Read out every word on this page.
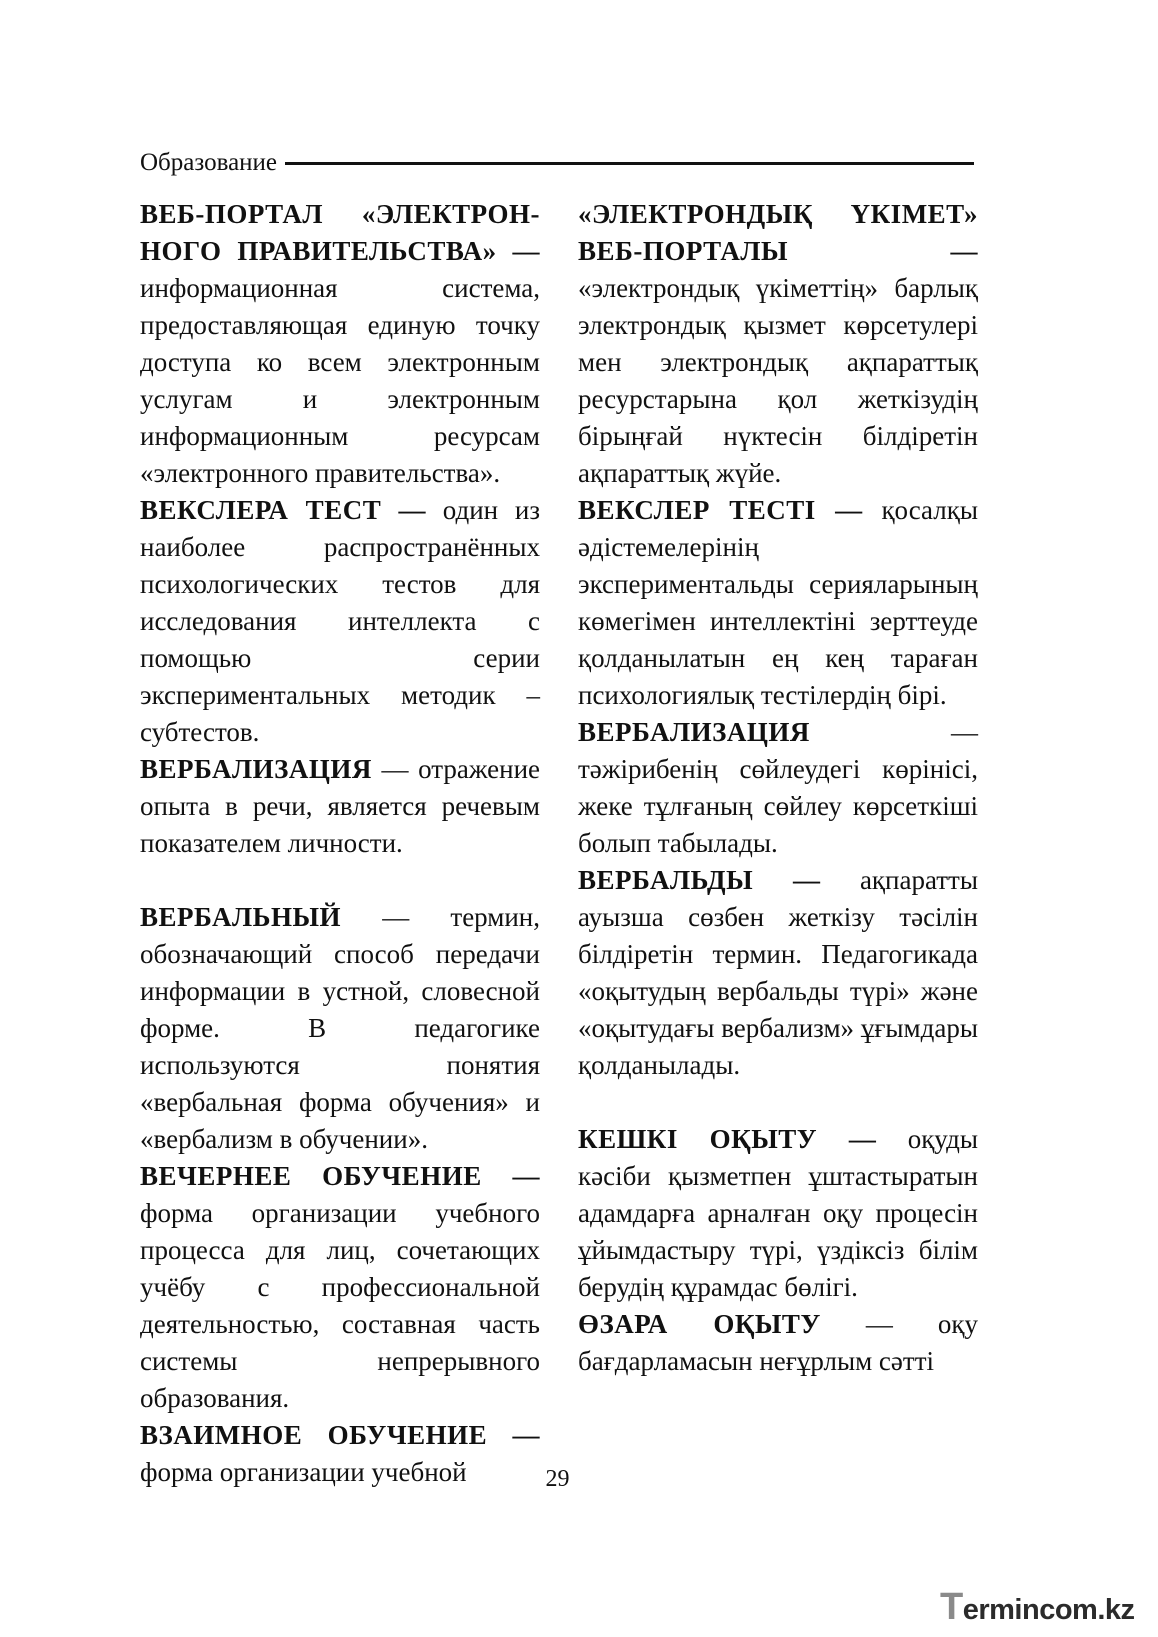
Образование

ВЕБ-ПОРТАЛ «ЭЛЕКТРОН-НОГО ПРАВИТЕЛЬСТВА» — информационная система, предоставляющая единую точку доступа ко всем электронным услугам и электронным информационным ресурсам «электронного правительства».

ВЕКСЛЕРА ТЕСТ — один из наиболее распространённых психологических тестов для исследования интеллекта с помощью серии экспериментальных методик – субтестов.

ВЕРБАЛИЗАЦИЯ — отражение опыта в речи, является речевым показателем личности.

ВЕРБАЛЬНЫЙ — термин, обозначающий способ передачи информации в устной, словесной форме. В педагогике используются понятия «вербальная форма обучения» и «вербализм в обучении».

ВЕЧЕРНЕЕ ОБУЧЕНИЕ — форма организации учебного процесса для лиц, сочетающих учёбу с профессиональной деятельностью, составная часть системы непрерывного образования.

ВЗАИМНОЕ ОБУЧЕНИЕ — форма организации учебной

«ЭЛЕКТРОНДЫҚ ҮКІМЕТ» ВЕБ-ПОРТАЛЫ — «электрондық үкіметтің» барлық электрондық қызмет көрсетулері мен электрондық ақпараттық ресурстарына қол жеткізудің бірыңғай нүктесін білдіретін ақпараттық жүйе.

ВЕКСЛЕР ТЕСТІ — қосалқы әдістемелерінің экспериментальды серияларының көмегімен интеллектіні зерттеуде қолданылатын ең кең тараған психологиялық тестілердің бірі.

ВЕРБАЛИЗАЦИЯ — тәжірибенің сөйлеудегі көрінісі, жеке тұлғаның сөйлеу көрсеткіші болып табылады.

ВЕРБАЛЬДЫ — ақпаратты ауызша сөзбен жеткізу тәсілін білдіретін термин. Педагогикада «оқытудың вербальды түрі» және «оқытудағы вербализм» ұғымдары қолданылады.

КЕШКІ ОҚЫТУ — оқуды кәсіби қызметпен ұштастыратын адамдарға арналған оқу процесін ұйымдастыру түрі, үздіксіз білім берудің құрамдас бөлігі.

ӨЗАРА ОҚЫТУ — оқу бағдарламасын неғұрлым сәтті

29
Termincom.kz
